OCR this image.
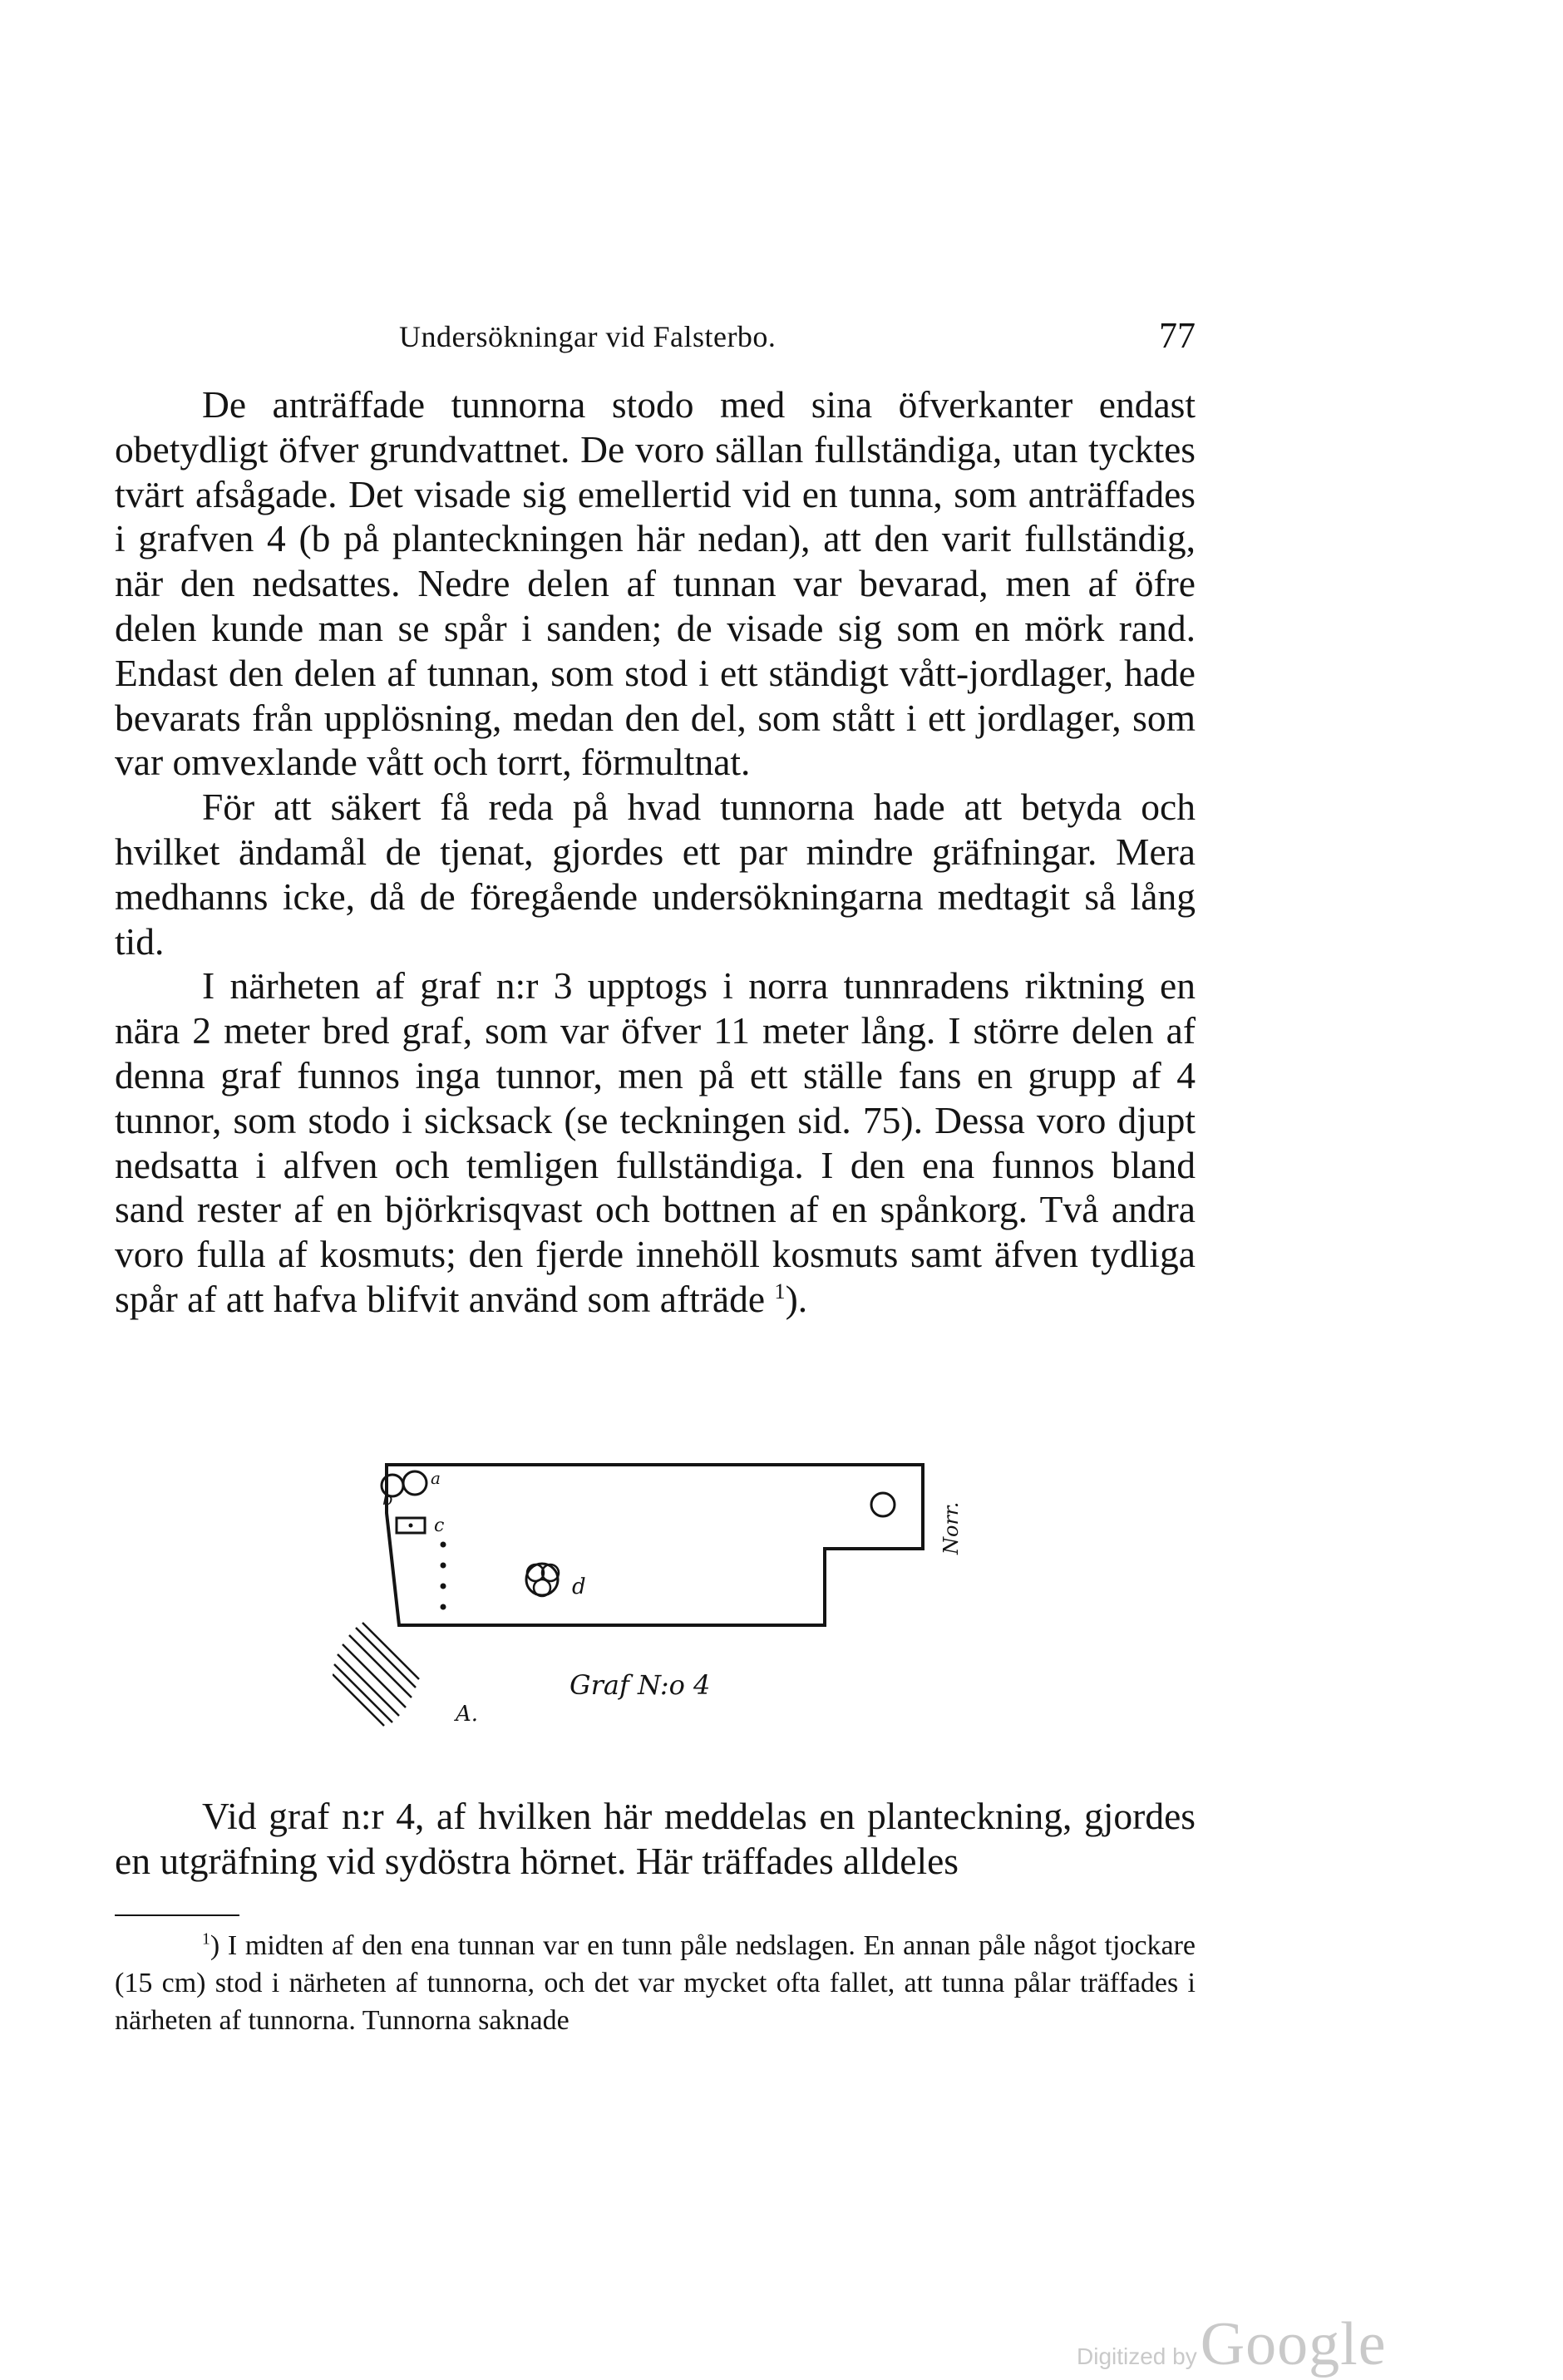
Undersökningar vid Falsterbo.	77

De anträffade tunnorna stodo med sina öfverkanter endast obetydligt öfver grundvattnet. De voro sällan fullständiga, utan tycktes tvärt afsågade. Det visade sig emellertid vid en tunna, som anträffades i grafven 4 (b på planteckningen här nedan), att den varit fullständig, när den nedsattes. Nedre delen af tunnan var bevarad, men af öfre delen kunde man se spår i sanden; de visade sig som en mörk rand. Endast den delen af tunnan, som stod i ett ständigt vått-jordlager, hade bevarats från upplösning, medan den del, som stått i ett jordlager, som var omvexlande vått och torrt, förmultnat.

För att säkert få reda på hvad tunnorna hade att betyda och hvilket ändamål de tjenat, gjordes ett par mindre gräfningar. Mera medhanns icke, då de föregående undersökningarna medtagit så lång tid.

I närheten af graf n:r 3 upptogs i norra tunnradens riktning en nära 2 meter bred graf, som var öfver 11 meter lång. I större delen af denna graf funnos inga tunnor, men på ett ställe fans en grupp af 4 tunnor, som stodo i sicksack (se teckningen sid. 75). Dessa voro djupt nedsatta i alfven och temligen fullständiga. I den ena funnos bland sand rester af en björkrisqvast och bottnen af en spånkorg. Två andra voro fulla af kosmuts; den fjerde innehöll kosmuts samt äfven tydliga spår af att hafva blifvit använd som afträde $^1$).

a
b
c
d
Norr.
A.
Graf N:o 4

Vid graf n:r 4, af hvilken här meddelas en planteckning, gjordes en utgräfning vid sydöstra hörnet. Här träffades alldeles

$^1$) I midten af den ena tunnan var en tunn påle nedslagen. En annan påle något tjockare (15 cm) stod i närheten af tunnorna, och det var mycket ofta fallet, att tunna pålar träffades i närheten af tunnorna. Tunnorna saknade

Digitized by Google
